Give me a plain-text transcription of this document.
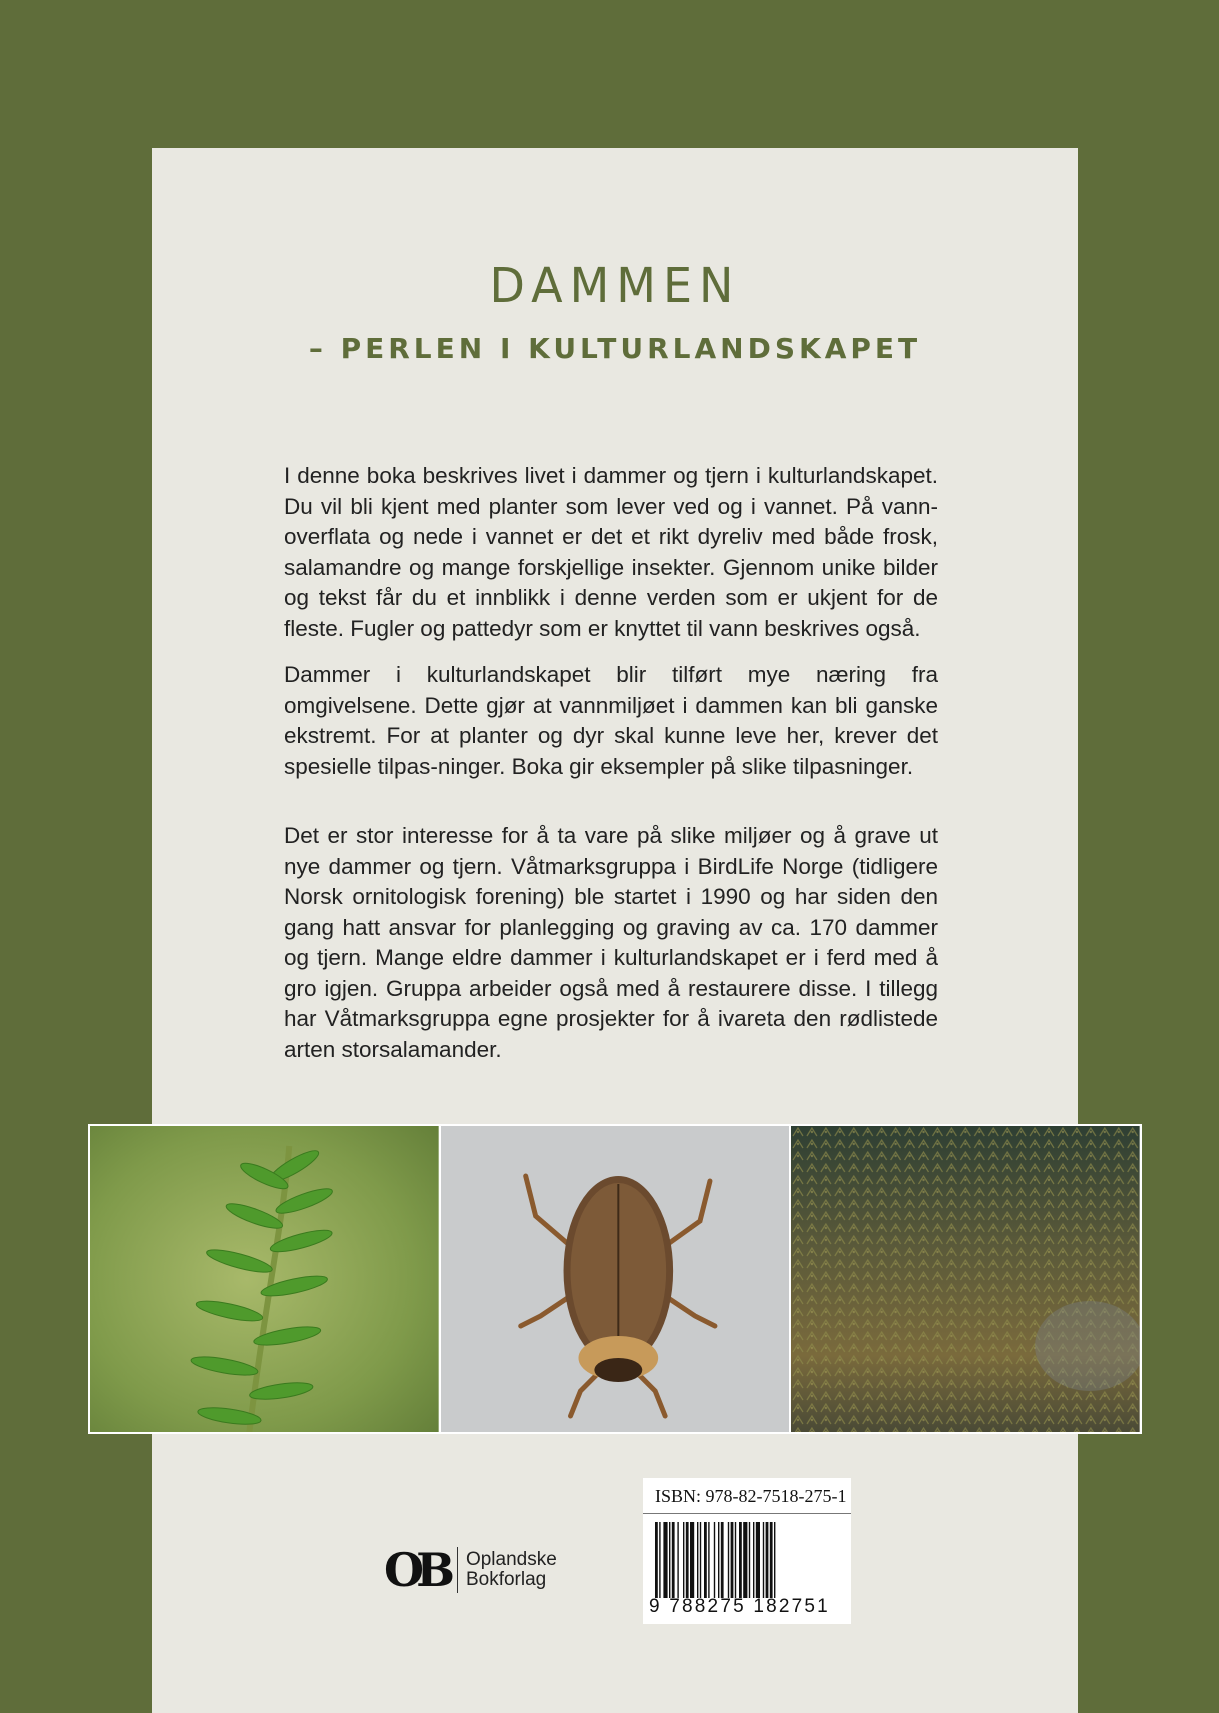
DAMMEN
– PERLEN I KULTURLANDSKAPET

I denne boka beskrives livet i dammer og tjern i kulturlandskapet. Du vil bli kjent med planter som lever ved og i vannet. På vann-overflata og nede i vannet er det et rikt dyreliv med både frosk, salamandre og mange forskjellige insekter. Gjennom unike bilder og tekst får du et innblikk i denne verden som er ukjent for de fleste. Fugler og pattedyr som er knyttet til vann beskrives også.

Dammer i kulturlandskapet blir tilført mye næring fra omgivelsene. Dette gjør at vannmiljøet i dammen kan bli ganske ekstremt. For at planter og dyr skal kunne leve her, krever det spesielle tilpas-ninger. Boka gir eksempler på slike tilpasninger.

Det er stor interesse for å ta vare på slike miljøer og å grave ut nye dammer og tjern. Våtmarksgruppa i BirdLife Norge (tidligere Norsk ornitologisk forening) ble startet i 1990 og har siden den gang hatt ansvar for planlegging og graving av ca. 170 dammer og tjern. Mange eldre dammer i kulturlandskapet er i ferd med å gro igjen. Gruppa arbeider også med å restaurere disse. I tillegg har Våtmarksgruppa egne prosjekter for å ivareta den rødlistede arten storsalamander.

OB	Oplandske
Bokforlag

ISBN: 978-82-7518-275-1

9 788275 182751
